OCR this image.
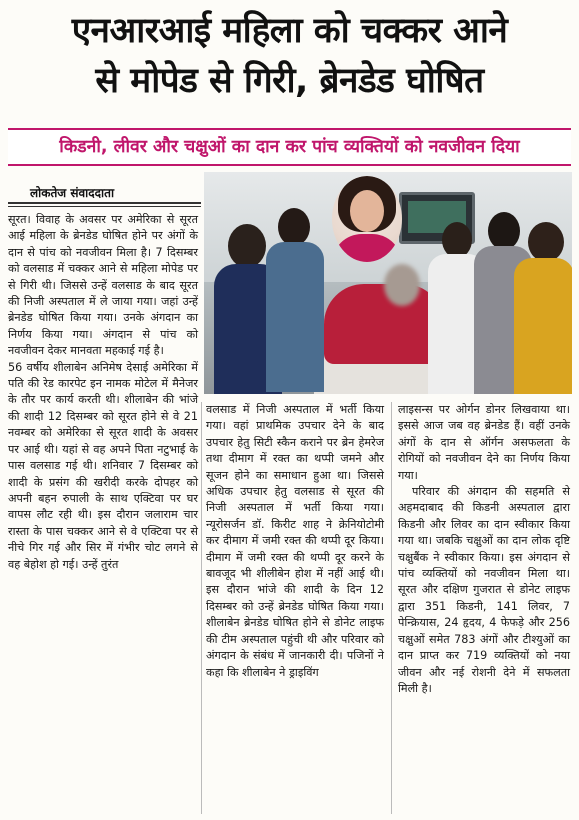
एनआरआई महिला को चक्कर आने
से मोपेड से गिरी, ब्रेनडेड घोषित
किडनी, लीवर और चक्षुओं का दान कर पांच व्यक्तियों को नवजीवन दिया
लोकतेज संवाददाता

सूरत। विवाह के अवसर पर अमेरिका से सूरत आई महिला के ब्रेनडेड घोषित होने पर अंगों के दान से पांच को नवजीवन मिला है। 7 दिसम्बर को वलसाड में चक्कर आने से महिला मोपेड पर से गिरी थी। जिससे उन्हें वलसाड के बाद सूरत की निजी अस्पताल में ले जाया गया। जहां उन्हें ब्रेनडेड घोषित किया गया। उनके अंगदान का निर्णय किया गया। अंगदान से पांच को नवजीवन देकर मानवता महकाई गई है।

56 वर्षीय शीलाबेन अनिमेष देसाई अमेरिका में पति की रेड कारपेट इन नामक मोटेल में मैनेजर के तौर पर कार्य करती थी। शीलाबेन की भांजे की शादी 12 दिसम्बर को सूरत होने से वे 21 नवम्बर को अमेरिका से सूरत शादी के अवसर पर आई थी। यहां से वह अपने पिता नटुभाई के पास वलसाड गई थी। शनिवार 7 दिसम्बर को शादी के प्रसंग की खरीदी करके दोपहर को अपनी बहन रुपाली के साथ एक्टिवा पर घर वापस लौट रही थी। इस दौरान जलाराम चार रास्ता के पास चक्कर आने से वे एक्टिवा पर से नीचे गिर गई और सिर में गंभीर चोट लगने से वह बेहोश हो गई। उन्हें तुरंत

वलसाड में निजी अस्पताल में भर्ती किया गया। वहां प्राथमिक उपचार देने के बाद उपचार हेतु सिटी स्कैन कराने पर ब्रेन हेमरेज तथा दीमाग में रक्त का थप्पी जमने और सूजन होने का समाधान हुआ था। जिससे अधिक उपचार हेतु वलसाड से सूरत की निजी अस्पताल में भर्ती किया गया। न्यूरोसर्जन डॉ. किरीट शाह ने क्रेनियोटोमी कर दीमाग में जमी रक्त की थप्पी दूर किया। दीमाग में जमी रक्त की थप्पी दूर करने के बावजूद भी शीलीबेन होश में नहीं आई थी। इस दौरान भांजे की शादी के दिन 12 दिसम्बर को उन्हें ब्रेनडेड घोषित किया गया। शीलाबेन ब्रेनडेड घोषित होने से डोनेट लाइफ की टीम अस्पताल पहुंची थी और परिवार को अंगदान के संबंध में जानकारी दी। पजिनों ने कहा कि शीलाबेन ने ड्राइविंग

लाइसन्स पर ओर्गन डोनर लिखवाया था। इससे आज जब वह ब्रेनडेड हैं। वहीं उनके अंगों के दान से ऑर्गन असफलता के रोगियों को नवजीवन देने का निर्णय किया गया।

परिवार की अंगदान की सहमति से अहमदाबाद की किडनी अस्पताल द्वारा किडनी और लिवर का दान स्वीकार किया गया था। जबकि चक्षुओं का दान लोक दृष्टि चक्षुबैंक ने स्वीकार किया। इस अंगदान से पांच व्यक्तियों को नवजीवन मिला था। सूरत और दक्षिण गुजरात से डोनेट लाइफ द्वारा 351 किडनी, 141 लिवर, 7 पेन्क्रियास, 24 हृदय, 4 फेफड़े और 256 चक्षुओं समेत 783 अंगों और टीश्युओं का दान प्राप्त कर 719 व्यक्तियों को नया जीवन और नई रोशनी देने में सफलता मिली है।
